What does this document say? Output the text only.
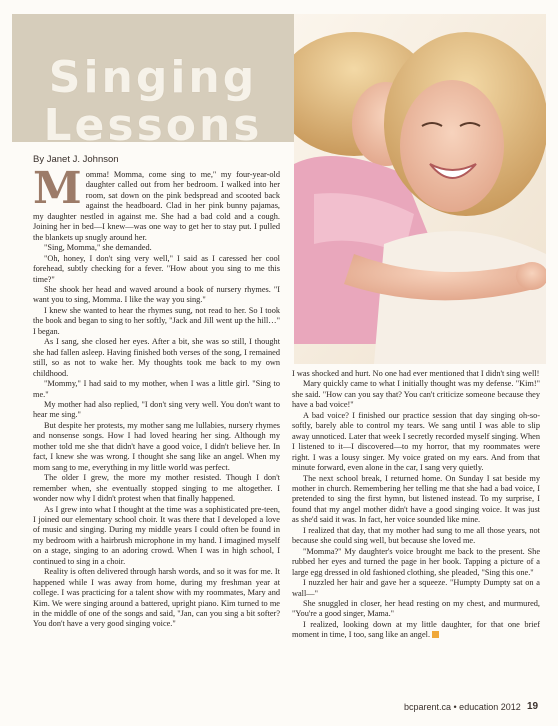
Singing
Lessons
By Janet J. Johnson
M omma! Momma, come sing to me," my four-year-old daughter called out from her bedroom. I walked into her room, sat down on the pink bedspread and scooted back against the headboard. Clad in her pink bunny pajamas, my daughter nestled in against me. She had a bad cold and a cough. Joining her in bed—I knew—was one way to get her to stay put. I pulled the blankets up snugly around her.

"Sing, Momma," she demanded.

"Oh, honey, I don't sing very well," I said as I caressed her cool forehead, subtly checking for a fever. "How about you sing to me this time?"

She shook her head and waved around a book of nursery rhymes. "I want you to sing, Momma. I like the way you sing."

I knew she wanted to hear the rhymes sung, not read to her. So I took the book and began to sing to her softly, "Jack and Jill went up the hill…" I began.

As I sang, she closed her eyes. After a bit, she was so still, I thought she had fallen asleep. Having finished both verses of the song, I remained still, so as not to wake her. My thoughts took me back to my own childhood.

"Mommy," I had said to my mother, when I was a little girl. "Sing to me."

My mother had also replied, "I don't sing very well. You don't want to hear me sing."

But despite her protests, my mother sang me lullabies, nursery rhymes and nonsense songs. How I had loved hearing her sing. Although my mother told me she that didn't have a good voice, I didn't believe her. In fact, I knew she was wrong. I thought she sang like an angel. When my mom sang to me, everything in my little world was perfect.

The older I grew, the more my mother resisted. Though I don't remember when, she eventually stopped singing to me altogether. I wonder now why I didn't protest when that finally happened.

As I grew into what I thought at the time was a sophisticated pre-teen, I joined our elementary school choir. It was there that I developed a love of music and singing. During my middle years I could often be found in my bedroom with a hairbrush microphone in my hand. I imagined myself on a stage, singing to an adoring crowd. When I was in high school, I continued to sing in a choir.

Reality is often delivered through harsh words, and so it was for me. It happened while I was away from home, during my freshman year at college. I was practicing for a talent show with my roommates, Mary and Kim. We were singing around a battered, upright piano. Kim turned to me in the middle of one of the songs and said, "Jan, can you sing a bit softer? You don't have a very good singing voice."

I was shocked and hurt. No one had ever mentioned that I didn't sing well!

Mary quickly came to what I initially thought was my defense. "Kim!" she said. "How can you say that? You can't criticize someone because they have a bad voice!"

A bad voice? I finished our practice session that day singing oh-so-softly, barely able to control my tears. We sang until I was able to slip away unnoticed. Later that week I secretly recorded myself singing. When I listened to it—I discovered—to my horror, that my roommates were right. I was a lousy singer. My voice grated on my ears. And from that minute forward, even alone in the car, I sang very quietly.

The next school break, I returned home. On Sunday I sat beside my mother in church. Remembering her telling me that she had a bad voice, I pretended to sing the first hymn, but listened instead. To my surprise, I found that my angel mother didn't have a good singing voice. It was just as she'd said it was. In fact, her voice sounded like mine.

I realized that day, that my mother had sung to me all those years, not because she could sing well, but because she loved me.

"Momma?" My daughter's voice brought me back to the present. She rubbed her eyes and turned the page in her book. Tapping a picture of a large egg dressed in old fashioned clothing, she pleaded, "Sing this one."

I nuzzled her hair and gave her a squeeze. "Humpty Dumpty sat on a wall—"

She snuggled in closer, her head resting on my chest, and murmured, "You're a good singer, Mama."

I realized, looking down at my little daughter, for that one brief moment in time, I too, sang like an angel.

bcparent.ca • education 2012 19
